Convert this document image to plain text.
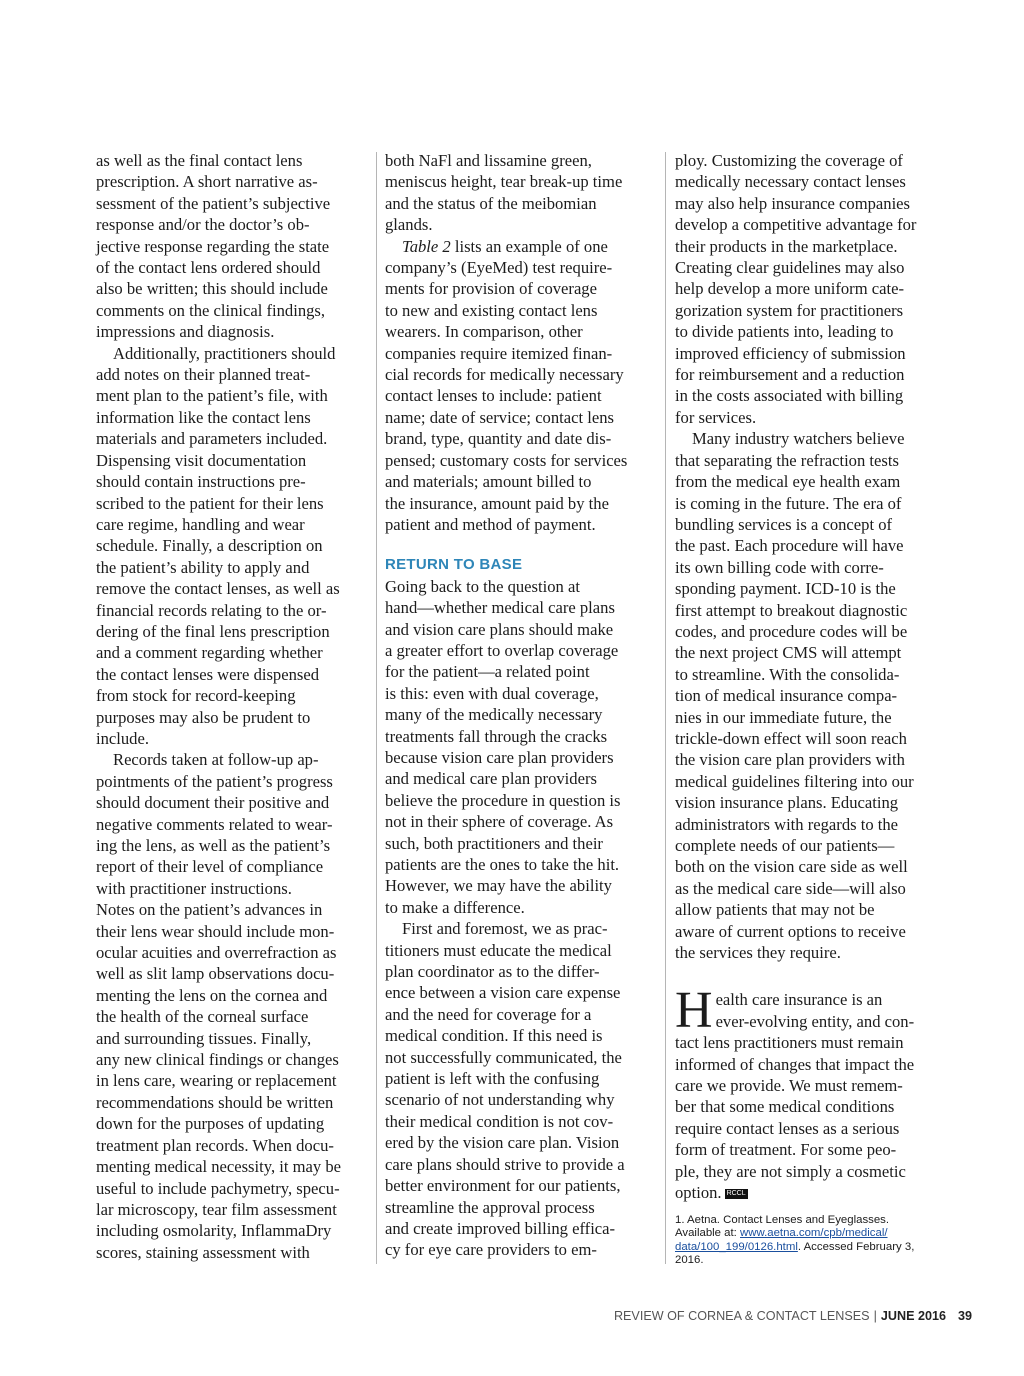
as well as the final contact lens
prescription. A short narrative as-
sessment of the patient’s subjective
response and/or the doctor’s ob-
jective response regarding the state
of the contact lens ordered should
also be written; this should include
comments on the clinical findings,
impressions and diagnosis.
Additionally, practitioners should
add notes on their planned treat-
ment plan to the patient’s file, with
information like the contact lens
materials and parameters included.
Dispensing visit documentation
should contain instructions pre-
scribed to the patient for their lens
care regime, handling and wear
schedule. Finally, a description on
the patient’s ability to apply and
remove the contact lenses, as well as
financial records relating to the or-
dering of the final lens prescription
and a comment regarding whether
the contact lenses were dispensed
from stock for record-keeping
purposes may also be prudent to
include.
Records taken at follow-up ap-
pointments of the patient’s progress
should document their positive and
negative comments related to wear-
ing the lens, as well as the patient’s
report of their level of compliance
with practitioner instructions.
Notes on the patient’s advances in
their lens wear should include mon-
ocular acuities and overrefraction as
well as slit lamp observations docu-
menting the lens on the cornea and
the health of the corneal surface
and surrounding tissues. Finally,
any new clinical findings or changes
in lens care, wearing or replacement
recommendations should be written
down for the purposes of updating
treatment plan records. When docu-
menting medical necessity, it may be
useful to include pachymetry, specu-
lar microscopy, tear film assessment
including osmolarity, InflammaDry
scores, staining assessment with
both NaFl and lissamine green,
meniscus height, tear break-up time
and the status of the meibomian
glands.
Table 2 lists an example of one
company’s (EyeMed) test require-
ments for provision of coverage
to new and existing contact lens
wearers. In comparison, other
companies require itemized finan-
cial records for medically necessary
contact lenses to include: patient
name; date of service; contact lens
brand, type, quantity and date dis-
pensed; customary costs for services
and materials; amount billed to
the insurance, amount paid by the
patient and method of payment.
RETURN TO BASE
Going back to the question at
hand—whether medical care plans
and vision care plans should make
a greater effort to overlap coverage
for the patient—a related point
is this: even with dual coverage,
many of the medically necessary
treatments fall through the cracks
because vision care plan providers
and medical care plan providers
believe the procedure in question is
not in their sphere of coverage. As
such, both practitioners and their
patients are the ones to take the hit.
However, we may have the ability
to make a difference.
First and foremost, we as prac-
titioners must educate the medical
plan coordinator as to the differ-
ence between a vision care expense
and the need for coverage for a
medical condition. If this need is
not successfully communicated, the
patient is left with the confusing
scenario of not understanding why
their medical condition is not cov-
ered by the vision care plan. Vision
care plans should strive to provide a
better environment for our patients,
streamline the approval process
and create improved billing effica-
cy for eye care providers to em-
ploy. Customizing the coverage of
medically necessary contact lenses
may also help insurance companies
develop a competitive advantage for
their products in the marketplace.
Creating clear guidelines may also
help develop a more uniform cate-
gorization system for practitioners
to divide patients into, leading to
improved efficiency of submission
for reimbursement and a reduction
in the costs associated with billing
for services.
Many industry watchers believe
that separating the refraction tests
from the medical eye health exam
is coming in the future. The era of
bundling services is a concept of
the past. Each procedure will have
its own billing code with corre-
sponding payment. ICD-10 is the
first attempt to breakout diagnostic
codes, and procedure codes will be
the next project CMS will attempt
to streamline. With the consolida-
tion of medical insurance compa-
nies in our immediate future, the
trickle-down effect will soon reach
the vision care plan providers with
medical guidelines filtering into our
vision insurance plans. Educating
administrators with regards to the
complete needs of our patients—
both on the vision care side as well
as the medical care side—will also
allow patients that may not be
aware of current options to receive
the services they require.
H ealth care insurance is an
ever-evolving entity, and con-
tact lens practitioners must remain
informed of changes that impact the
care we provide. We must remem-
ber that some medical conditions
require contact lenses as a serious
form of treatment. For some peo-
ple, they are not simply a cosmetic
option. RCCL
1. Aetna. Contact Lenses and Eyeglasses.
Available at: www.aetna.com/cpb/medical/
data/100_199/0126.html. Accessed February 3,
2016.
REVIEW OF CORNEA & CONTACT LENSES | JUNE 2016 39
